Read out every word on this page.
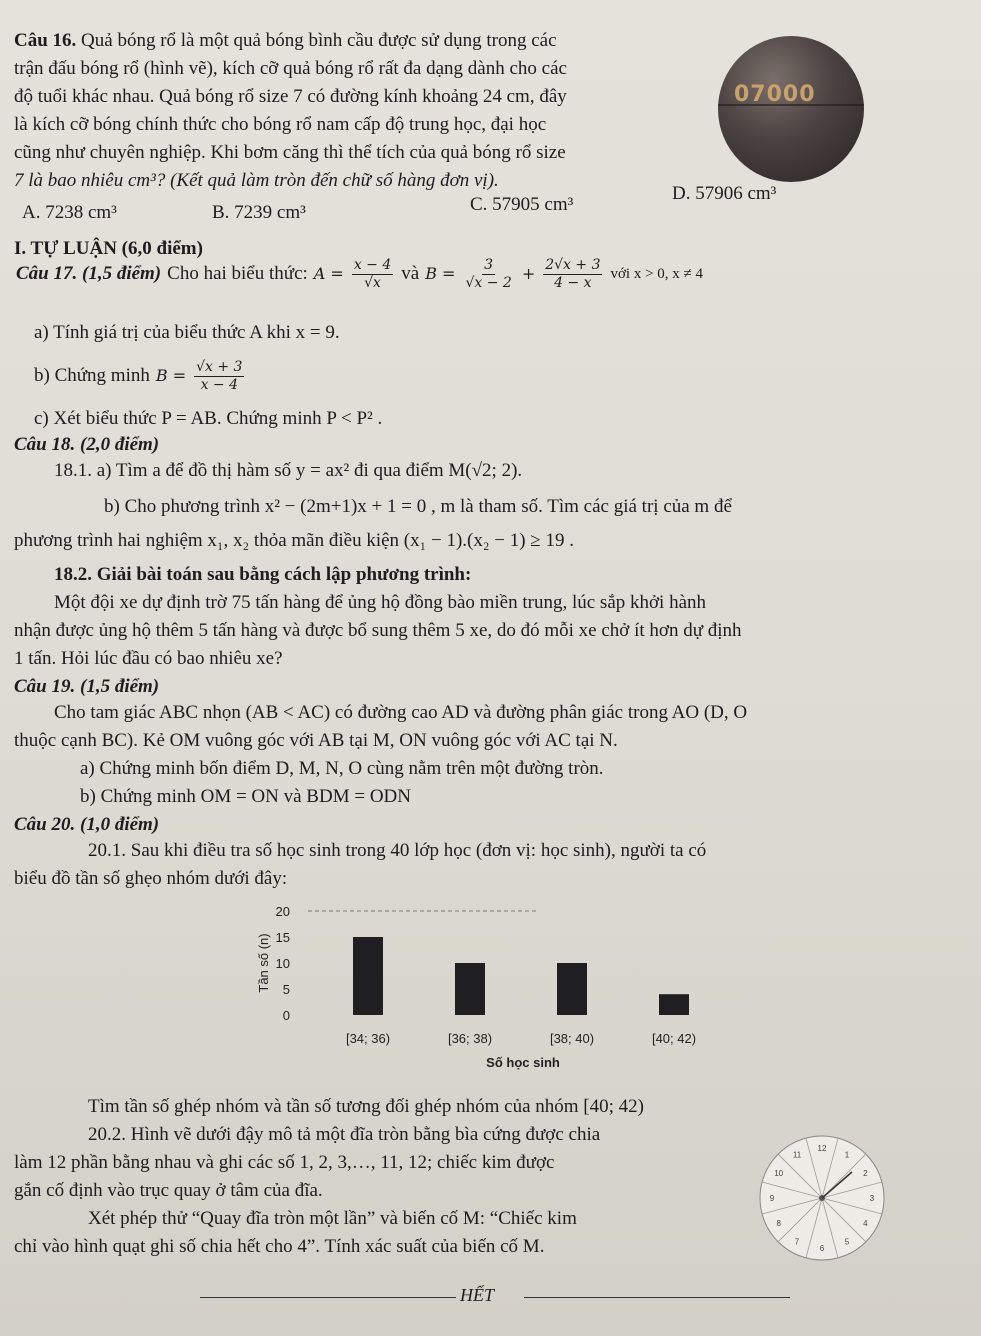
07000
Câu 16. Quả bóng rổ là một quả bóng bình cầu được sử dụng trong các
trận đấu bóng rổ (hình vẽ), kích cỡ quả bóng rổ rất đa dạng dành cho các
độ tuổi khác nhau. Quả bóng rổ size 7 có đường kính khoảng 24 cm, đây
là kích cỡ bóng chính thức cho bóng rổ nam cấp độ trung học, đại học
cũng như chuyên nghiệp. Khi bơm căng thì thể tích của quả bóng rổ size
7 là bao nhiêu cm³? (Kết quả làm tròn đến chữ số hàng đơn vị).
A. 7238 cm³	B. 7239 cm³	C. 57905 cm³
D. 57906 cm³
I. TỰ LUẬN (6,0 điểm)
Câu 17. (1,5 điểm) Cho hai biểu thức: $A = \frac{x - 4}{√x}$ và $B = \frac{3}{√x - 2} + \frac{2√x + 3}{4 - x}$ với x > 0, x ≠ 4
a) Tính giá trị của biểu thức A khi x = 9.
b) Chứng minh $B = \frac{√x + 3}{x - 4}$
c) Xét biểu thức P = AB. Chứng minh P < P² .
Câu 18. (2,0 điểm)
18.1. a) Tìm a để đồ thị hàm số y = ax² đi qua điểm M(√2; 2).
b) Cho phương trình x² − (2m+1)x + 1 = 0 , m là tham số. Tìm các giá trị của m để
phương trình hai nghiệm x₁, x₂ thỏa mãn điều kiện (x₁ − 1).(x₂ − 1) ≥ 19 .
18.2. Giải bài toán sau bằng cách lập phương trình:
Một đội xe dự định trờ 75 tấn hàng để ủng hộ đồng bào miền trung, lúc sắp khởi hành
nhận được ủng hộ thêm 5 tấn hàng và được bổ sung thêm 5 xe, do đó mỗi xe chở ít hơn dự định
1 tấn. Hỏi lúc đầu có bao nhiêu xe?
Câu 19. (1,5 điểm)
Cho tam giác ABC nhọn (AB < AC) có đường cao AD và đường phân giác trong AO (D, O
thuộc cạnh BC). Kẻ OM vuông góc với AB tại M, ON vuông góc với AC tại N.
a) Chứng minh bốn điểm D, M, N, O cùng nằm trên một đường tròn.
b) Chứng minh OM = ON và BDM = ODN
Câu 20. (1,0 điểm)
20.1. Sau khi điều tra số học sinh trong 40 lớp học (đơn vị: học sinh), người ta có
biểu đồ tần số ghẹo nhóm dưới đây:
0
5
10
15
20
Tần số (n)
[34; 36)	[36; 38)	[38; 40)	[40; 42)
Số học sinh
Tìm tần số ghép nhóm và tần số tương đối ghép nhóm của nhóm [40; 42)
20.2. Hình vẽ dưới đậy mô tả một đĩa tròn bằng bìa cứng được chia
làm 12 phần bằng nhau và ghi các số 1, 2, 3,…, 11, 12; chiếc kim được
gắn cố định vào trục quay ở tâm của đĩa.
Xét phép thử “Quay đĩa tròn một lần” và biến cố M: “Chiếc kim
chỉ vào hình quạt ghi số chia hết cho 4”. Tính xác suất của biến cố M.
12
1
2
3
4
5
6
7
8
9
10
11
HẾT
